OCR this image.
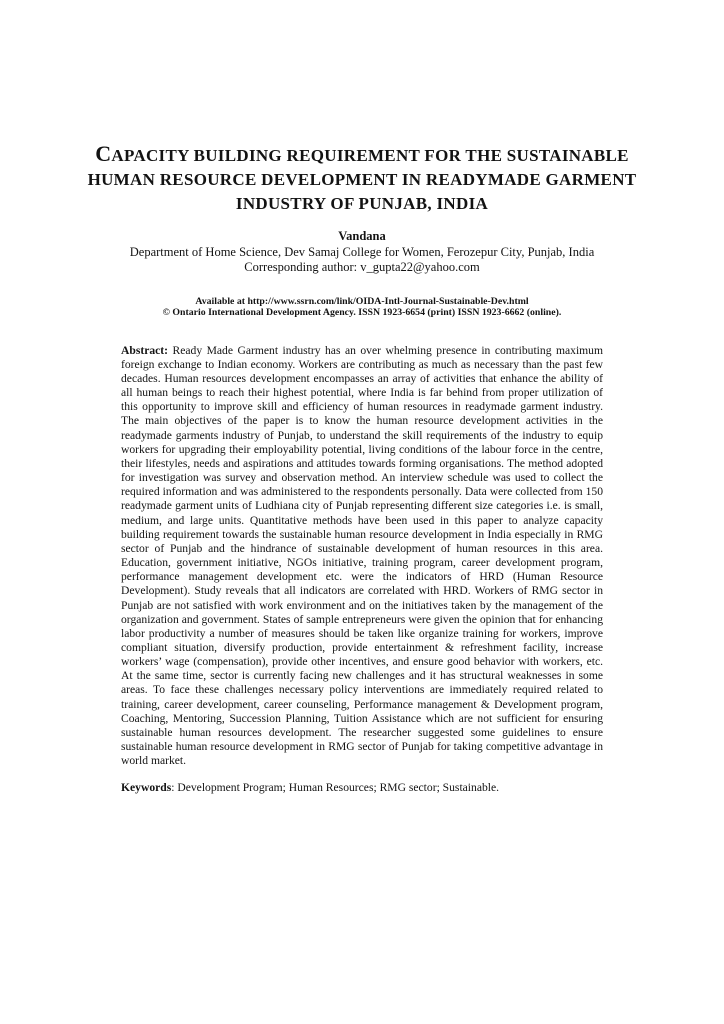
CAPACITY BUILDING REQUIREMENT FOR THE SUSTAINABLE
HUMAN RESOURCE DEVELOPMENT IN READYMADE GARMENT
INDUSTRY OF PUNJAB, INDIA
Vandana
Department of Home Science, Dev Samaj College for Women, Ferozepur City, Punjab, India
Corresponding author: v_gupta22@yahoo.com
Available at http://www.ssrn.com/link/OIDA-Intl-Journal-Sustainable-Dev.html
© Ontario International Development Agency. ISSN 1923-6654 (print) ISSN 1923-6662 (online).

Abstract: Ready Made Garment industry has an over whelming presence in contributing maximum foreign exchange to Indian economy. Workers are contributing as much as necessary than the past few decades. Human resources development encompasses an array of activities that enhance the ability of all human beings to reach their highest potential, where India is far behind from proper utilization of this opportunity to improve skill and efficiency of human resources in readymade garment industry. The main objectives of the paper is to know the human resource development activities in the readymade garments industry of Punjab, to understand the skill requirements of the industry to equip workers for upgrading their employability potential, living conditions of the labour force in the centre, their lifestyles, needs and aspirations and attitudes towards forming organisations. The method adopted for investigation was survey and observation method. An interview schedule was used to collect the required information and was administered to the respondents personally. Data were collected from 150 readymade garment units of Ludhiana city of Punjab representing different size categories i.e. is small, medium, and large units. Quantitative methods have been used in this paper to analyze capacity building requirement towards the sustainable human resource development in India especially in RMG sector of Punjab and the hindrance of sustainable development of human resources in this area. Education, government initiative, NGOs initiative, training program, career development program, performance management development etc. were the indicators of HRD (Human Resource Development). Study reveals that all indicators are correlated with HRD. Workers of RMG sector in Punjab are not satisfied with work environment and on the initiatives taken by the management of the organization and government. States of sample entrepreneurs were given the opinion that for enhancing labor productivity a number of measures should be taken like organize training for workers, improve compliant situation, diversify production, provide entertainment & refreshment facility, increase workers’ wage (compensation), provide other incentives, and ensure good behavior with workers, etc. At the same time, sector is currently facing new challenges and it has structural weaknesses in some areas. To face these challenges necessary policy interventions are immediately required related to training, career development, career counseling, Performance management & Development program, Coaching, Mentoring, Succession Planning, Tuition Assistance which are not sufficient for ensuring sustainable human resources development. The researcher suggested some guidelines to ensure sustainable human resource development in RMG sector of Punjab for taking competitive advantage in world market.

Keywords: Development Program; Human Resources; RMG sector; Sustainable.
